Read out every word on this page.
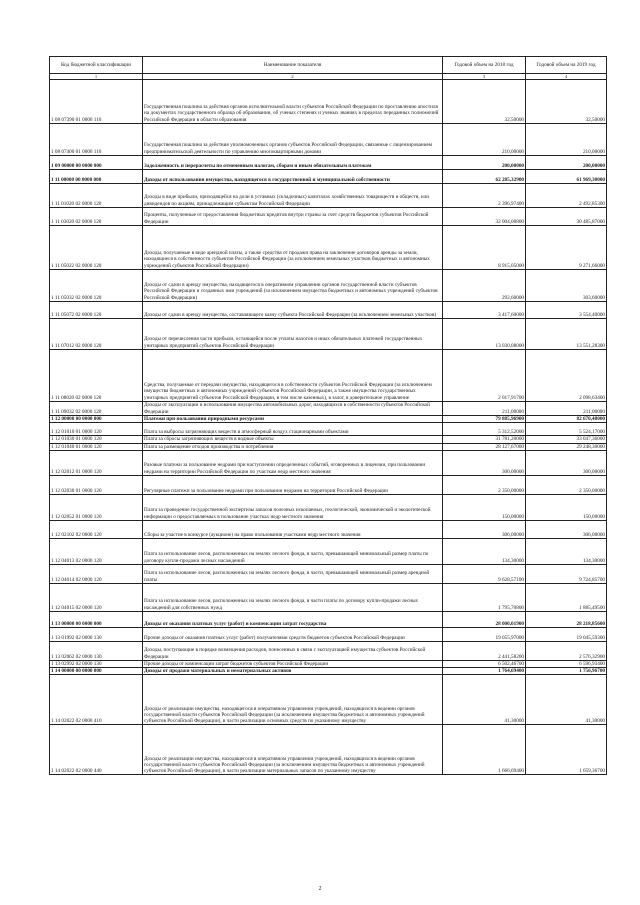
Код бюджетной классификации	Наименование показателя	Годовой объем на 2018 год	Годовой объем на 2019 год
1	2	3	4
1 08 07390 01 0000 110	Государственная пошлина за действия органов исполнительной власти субъектов Российской Федерации по проставлению апостиля на документах государственного образца об образовании, об ученых степенях и ученых званиях в пределах переданных полномочий Российской Федерации в области образования	32,50000	32,50000
1 08 07400 01 0000 110	Государственная пошлина за действия уполномоченных органов субъектов Российской Федерации, связанные с лицензированием предпринимательской деятельности по управлению многоквартирными домами	210,00000	210,00000
1 09 00000 00 0000 000	Задолженность и перерасчеты по отмененным налогам, сборам и иным обязательным платежам	200,00000	200,00000
1 11 00000 00 0000 000	Доходы от использования имущества, находящегося в государственной и муниципальной собственности	62 285,32900	61 969,30000
1 11 01020 02 0000 120	Доходы в виде прибыли, приходящейся на доли в уставных (складочных) капиталах хозяйственных товариществ и обществ, или дивидендов по акциям, принадлежащим субъектам Российской Федерации	2 396,97400	2 492,85300
1 11 03020 02 0000 120	Проценты, полученные от предоставления бюджетных кредитов внутри страны за счет средств бюджетов субъектов Российской Федерации	32 004,00800	30 485,87000
1 11 05022 02 0000 120	Доходы, получаемые в виде арендной платы, а также средства от продажи права на заключение договоров аренды за земли, находящиеся в собственности субъектов Российской Федерации (за исключением земельных участков бюджетных и автономных учреждений субъектов Российской Федерации)	8 915,05000	9 271,66000
1 11 05032 02 0000 120	Доходы от сдачи в аренду имущества, находящегося в оперативном управлении органов государственной власти субъектов Российской Федерации и созданных ими учреждений (за исключением имущества бюджетных и автономных учреждений субъектов Российской Федерации)	292,60000	303,60000
1 11 05072 02 0000 120	Доходы от сдачи в аренду имущества, составляющего казну субъекта Российской Федерации (за исключением земельных участков)	3 417,60000	3 554,40000
1 11 07012 02 0000 120	Доходы от перечисления части прибыли, остающейся после уплаты налогов и иных обязательных платежей государственных унитарных предприятий субъектов Российской Федерации	13 030,08000	13 551,28300
1 11 08020 02 0000 120	Средства, получаемые от передачи имущества, находящегося в собственности субъектов Российской Федерации (за исключением имущества бюджетных и автономных учреждений субъектов Российской Федерации, а также имущества государственных унитарных предприятий субъектов Российской Федерации, в том числе казенных), в залог, в доверительное управление	2 017,91700	2 098,63400
1 11 09032 02 0000 120	Доходы от эксплуатации и использования имущества автомобильных дорог, находящихся в собственности субъектов Российской Федерации	211,00000	211,00000
1 12 00000 00 0000 000	Платежи при пользовании природными ресурсами	79 885,96900	82 670,48000
1 12 01010 01 0000 120	Плата за выбросы загрязняющих веществ в атмосферный воздух стационарными объектами	5 312,52000	5 524,17000
1 12 01030 01 0000 120	Плата за сбросы загрязняющих веществ в водные объекты	31 781,20000	33 047,36000
1 12 01040 01 0000 120	Плата за размещение отходов производства и потребления	28 127,67000	29 248,30000
1 12 02012 01 0000 120	Разовые платежи за пользование недрами при наступлении определенных событий, оговоренных в лицензии, при пользовании недрами на территории Российской Федерации по участкам недр местного значения	300,00000	300,00000
1 12 02030 01 0000 120	Регулярные платежи за пользование недрами при пользовании недрами на территории Российской Федерации	2 350,00000	2 350,00000
1 12 02052 01 0000 120	Плата за проведение государственной экспертизы запасов полезных ископаемых, геологической, экономической и экологической информации о предоставляемых в пользование участках недр местного значения	150,00000	150,00000
1 12 02102 02 0000 120	Сборы за участие в конкурсе (аукционе) на право пользования участками недр местного значения	306,00000	306,00000
1 12 04013 02 0000 120	Плата за использование лесов, расположенных на землях лесного фонда, в части, превышающей минимальный размер платы по договору купли-продажи лесных насаждений	134,30000	134,30000
1 12 04014 02 0000 120	Плата за использование лесов, расположенных на землях лесного фонда, в части, превышающей минимальный размер арендной платы	9 628,57100	9 724,85700
1 12 04015 02 0000 120	Плата за использование лесов, расположенных на землях лесного фонда, в части платы по договору купли-продажи лесных насаждений для собственных нужд	1 795,70800	1 885,49500
1 13 00000 00 0000 000	Доходы от оказания платных услуг (работ) и компенсации затрат государства	28 000,01900	28 218,85600
1 13 01992 02 0000 130	Прочие доходы от оказания платных услуг (работ) получателями средств бюджетов субъектов Российской Федерации	19 055,97000	19 045,59300
1 13 02062 02 0000 130	Доходы, поступающие в порядке возмещения расходов, понесенных в связи с эксплуатацией имущества субъектов Российской Федерации	2 441,58200	2 576,32900
1 13 02992 02 0000 130	Прочие доходы от компенсации затрат бюджетов субъектов Российской Федерации	6 502,46700	6 596,93400
1 14 00000 00 0000 000	Доходы от продажи материальных и нематериальных активов	1 764,69400	1 756,96700
1 14 02022 02 0000 410	Доходы от реализации имущества, находящегося в оперативном управлении учреждений, находящихся в ведении органов государственной власти субъектов Российской Федерации (за исключением имущества бюджетных и автономных учреждений субъектов Российской Федерации), в части реализации основных средств по указанному имуществу	41,30000	41,30000
1 14 02022 02 0000 440	Доходы от реализации имущества, находящегося в оперативном управлении учреждений, находящихся в ведении органов государственной власти субъектов Российской Федерации (за исключением имущества бюджетных и автономных учреждений субъектов Российской Федерации), в части реализации материальных запасов по указанному имуществу	1 666,69400	1 659,36700
2
